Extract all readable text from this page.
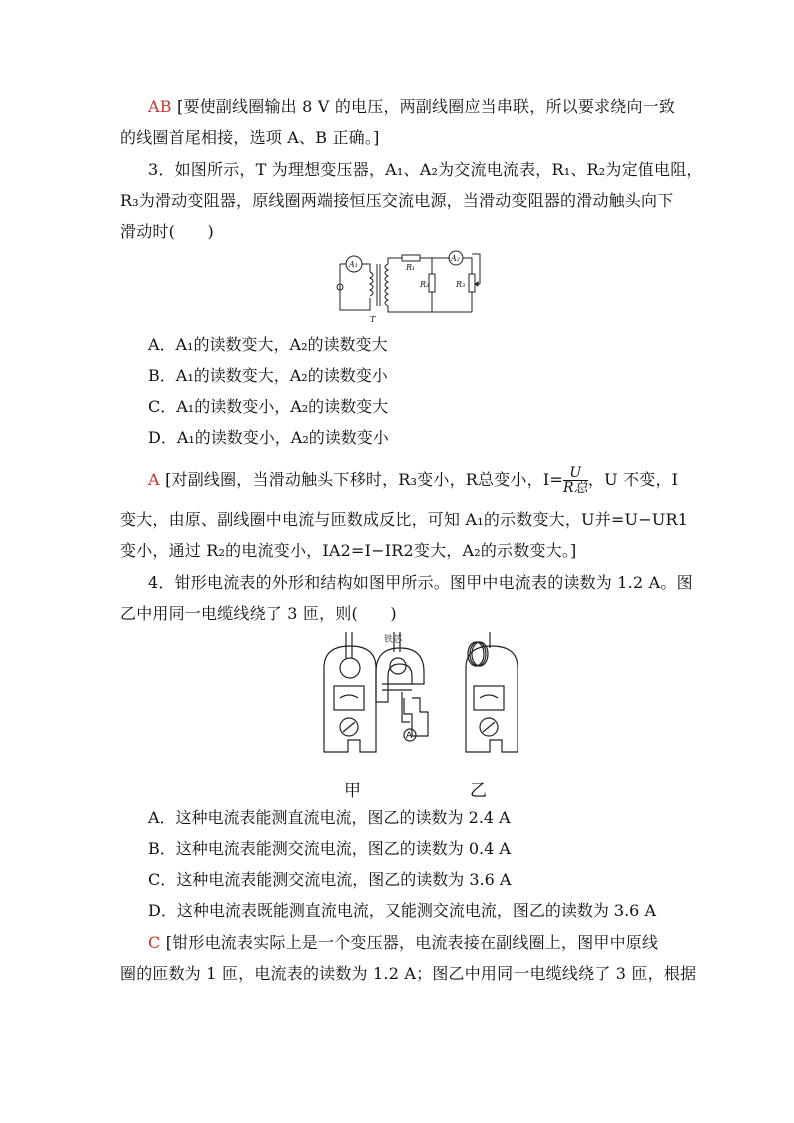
AB [要使副线圈输出 8 V 的电压，两副线圈应当串联，所以要求绕向一致
的线圈首尾相接，选项 A、B 正确。]
3．如图所示，T 为理想变压器，A₁、A₂为交流电流表，R₁、R₂为定值电阻，
R₃为滑动变阻器，原线圈两端接恒压交流电源，当滑动变阻器的滑动触头向下
滑动时(　　)
A₁	R₁
R₂
A₂
R₃
T
A．A₁的读数变大，A₂的读数变大
B．A₁的读数变大，A₂的读数变小
C．A₁的读数变小，A₂的读数变大
D．A₁的读数变小，A₂的读数变小
A [对副线圈，当滑动触头下移时，R₃变小，R总变小，$I= \frac{U}{\text{R总}}$ ，U 不变，I
变大，由原、副线圈中电流与匝数成反比，可知 A₁的示数变大，U并=U−UR1
变小，通过 R₂的电流变小，IA2=I−IR2变大，A₂的示数变大。]
4．钳形电流表的外形和结构如图甲所示。图甲中电流表的读数为 1.2 A。图
乙中用同一电缆线绕了 3 匝，则(　　)
铁芯
A
甲	乙
A．这种电流表能测直流电流，图乙的读数为 2.4 A
B．这种电流表能测交流电流，图乙的读数为 0.4 A
C．这种电流表能测交流电流，图乙的读数为 3.6 A
D．这种电流表既能测直流电流，又能测交流电流，图乙的读数为 3.6 A
C [钳形电流表实际上是一个变压器，电流表接在副线圈上，图甲中原线
圈的匝数为 1 匝，电流表的读数为 1.2 A；图乙中用同一电缆线绕了 3 匝，根据
